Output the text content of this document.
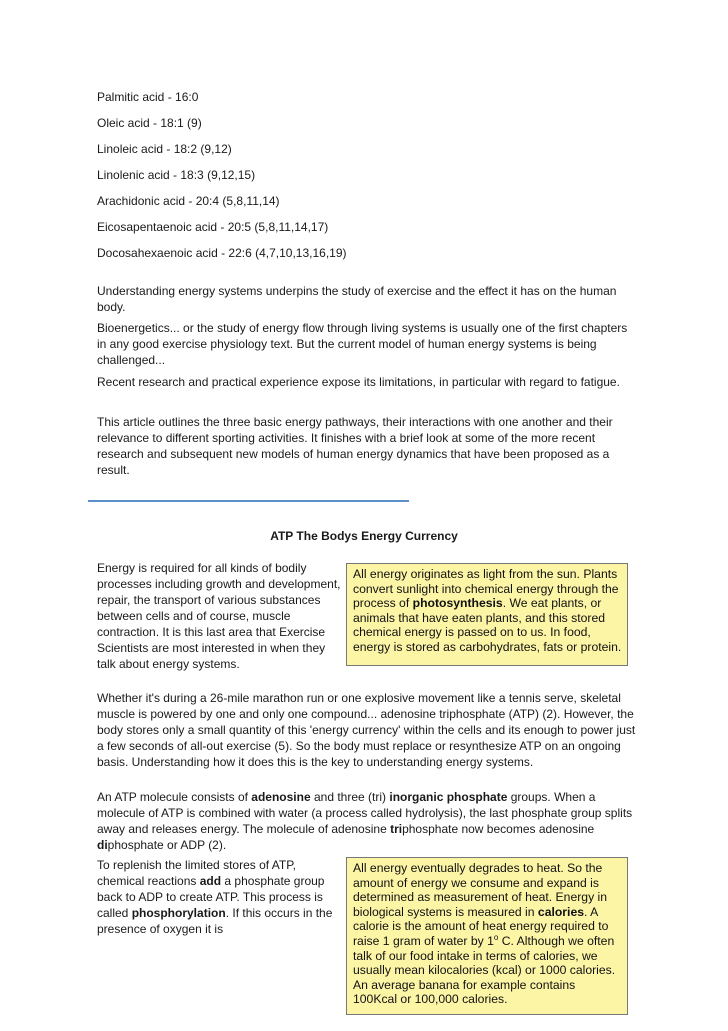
Palmitic acid - 16:0
Oleic acid - 18:1 (9)
Linoleic acid - 18:2 (9,12)
Linolenic acid - 18:3 (9,12,15)
Arachidonic acid - 20:4 (5,8,11,14)
Eicosapentaenoic acid - 20:5 (5,8,11,14,17)
Docosahexaenoic acid - 22:6 (4,7,10,13,16,19)

Understanding energy systems underpins the study of exercise and the effect it has on the human body.

Bioenergetics... or the study of energy flow through living systems is usually one of the first chapters in any good exercise physiology text. But the current model of human energy systems is being challenged...

Recent research and practical experience expose its limitations, in particular with regard to fatigue.

This article outlines the three basic energy pathways, their interactions with one another and their relevance to different sporting activities. It finishes with a brief look at some of the more recent research and subsequent new models of human energy dynamics that have been proposed as a result.

ATP The Bodys Energy Currency

Energy is required for all kinds of bodily processes including growth and development, repair, the transport of various substances between cells and of course, muscle contraction. It is this last area that Exercise Scientists are most interested in when they talk about energy systems.

All energy originates as light from the sun. Plants convert sunlight into chemical energy through the process of photosynthesis. We eat plants, or animals that have eaten plants, and this stored chemical energy is passed on to us. In food, energy is stored as carbohydrates, fats or protein.

Whether it's during a 26-mile marathon run or one explosive movement like a tennis serve, skeletal muscle is powered by one and only one compound... adenosine triphosphate (ATP) (2). However, the body stores only a small quantity of this 'energy currency' within the cells and its enough to power just a few seconds of all-out exercise (5). So the body must replace or resynthesize ATP on an ongoing basis. Understanding how it does this is the key to understanding energy systems.

An ATP molecule consists of adenosine and three (tri) inorganic phosphate groups. When a molecule of ATP is combined with water (a process called hydrolysis), the last phosphate group splits away and releases energy. The molecule of adenosine triphosphate now becomes adenosine diphosphate or ADP (2).

To replenish the limited stores of ATP, chemical reactions add a phosphate group back to ADP to create ATP. This process is called phosphorylation. If this occurs in the presence of oxygen it is

All energy eventually degrades to heat. So the amount of energy we consume and expand is determined as measurement of heat. Energy in biological systems is measured in calories. A calorie is the amount of heat energy required to raise 1 gram of water by 1$^o$ C. Although we often talk of our food intake in terms of calories, we usually mean kilocalories (kcal) or 1000 calories. An average banana for example contains 100Kcal or 100,000 calories.
